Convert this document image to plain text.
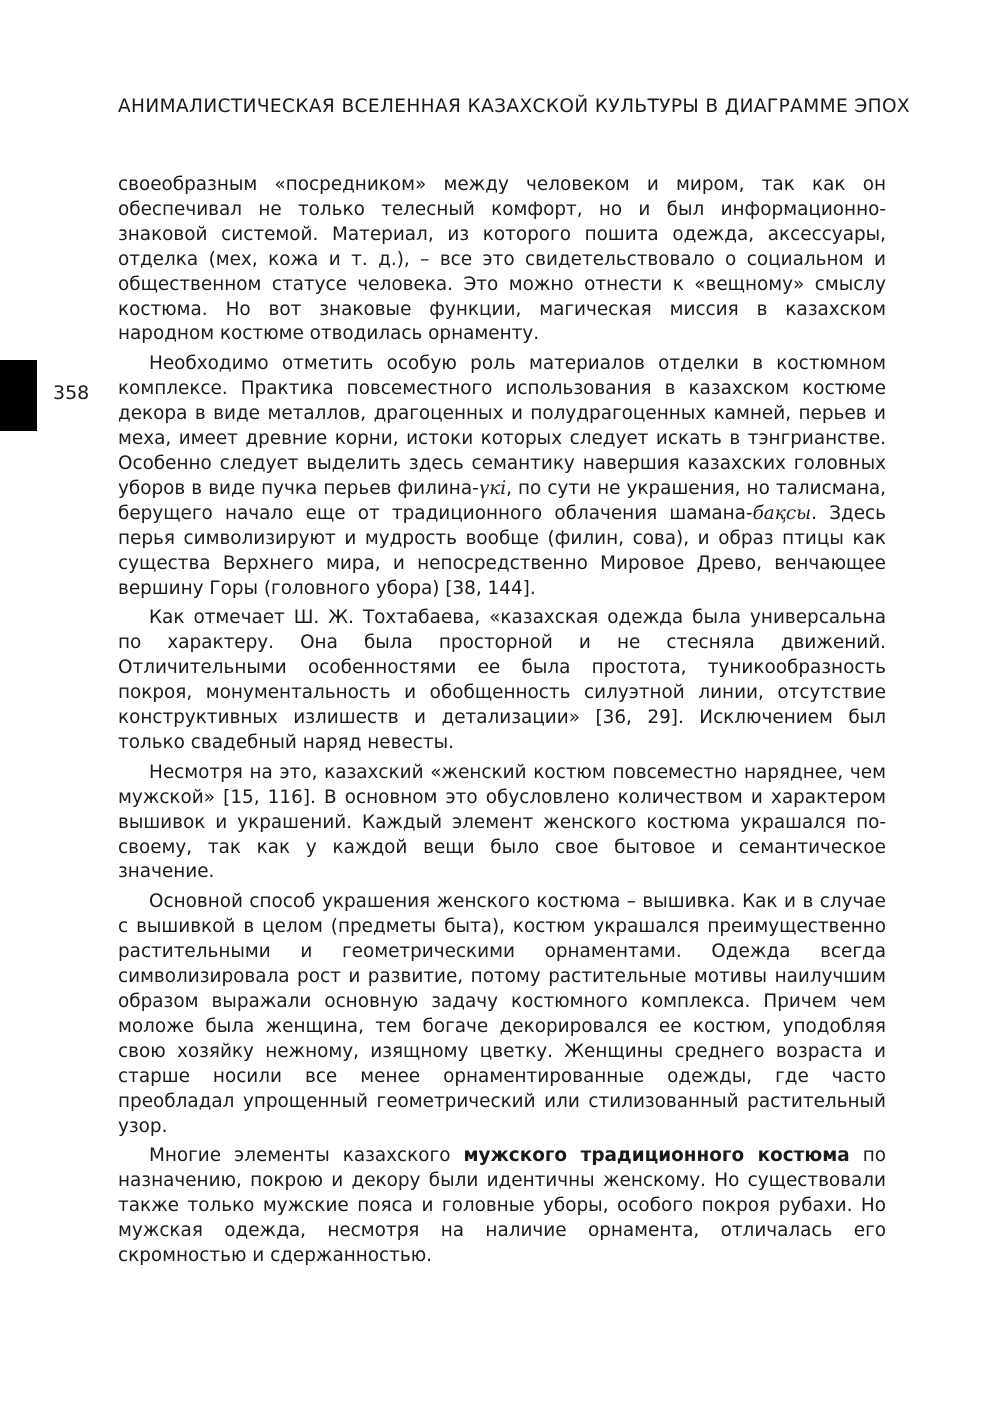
АНИМАЛИСТИЧЕСКАЯ ВСЕЛЕННАЯ КАЗАХСКОЙ КУЛЬТУРЫ В ДИАГРАММЕ ЭПОХ
358

своеобразным «посредником» между человеком и миром, так как он обеспечивал не только телесный комфорт, но и был информационно-знаковой системой. Материал, из которого пошита одежда, аксессуары, отделка (мех, кожа и т. д.), – все это свидетельствовало о социальном и общественном статусе человека. Это можно отнести к «вещному» смыслу костюма. Но вот знаковые функции, магическая миссия в казахском народном костюме отводилась орнаменту.

Необходимо отметить особую роль материалов отделки в костюмном комплексе. Практика повсеместного использования в казахском костюме декора в виде металлов, драгоценных и полудрагоценных камней, перьев и меха, имеет древние корни, истоки которых следует искать в тэнгрианстве. Особенно следует выделить здесь семантику навершия казахских головных уборов в виде пучка перьев филина-үкі, по сути не украшения, но талисмана, берущего начало еще от традиционного облачения шамана-бақсы. Здесь перья символизируют и мудрость вообще (филин, сова), и образ птицы как существа Верхнего мира, и непосредственно Мировое Древо, венчающее вершину Горы (головного убора) [38, 144].

Как отмечает Ш. Ж. Тохтабаева, «казахская одежда была универсальна по характеру. Она была просторной и не стесняла движений. Отличительными особенностями ее была простота, туникообразность покроя, монументальность и обобщенность силуэтной линии, отсутствие конструктивных излишеств и детализации» [36, 29]. Исключением был только свадебный наряд невесты.

Несмотря на это, казахский «женский костюм повсеместно наряднее, чем мужской» [15, 116]. В основном это обусловлено количеством и характером вышивок и украшений. Каждый элемент женского костюма украшался по-своему, так как у каждой вещи было свое бытовое и семантическое значение.

Основной способ украшения женского костюма – вышивка. Как и в случае с вышивкой в целом (предметы быта), костюм украшался преимущественно растительными и геометрическими орнаментами. Одежда всегда символизировала рост и развитие, потому растительные мотивы наилучшим образом выражали основную задачу костюмного комплекса. Причем чем моложе была женщина, тем богаче декорировался ее костюм, уподобляя свою хозяйку нежному, изящному цветку. Женщины среднего возраста и старше носили все менее орнаментированные одежды, где часто преобладал упрощенный геометрический или стилизованный растительный узор.

Многие элементы казахского мужского традиционного костюма по назначению, покрою и декору были идентичны женскому. Но существовали также только мужские пояса и головные уборы, особого покроя рубахи. Но мужская одежда, несмотря на наличие орнамента, отличалась его скромностью и сдержанностью.
